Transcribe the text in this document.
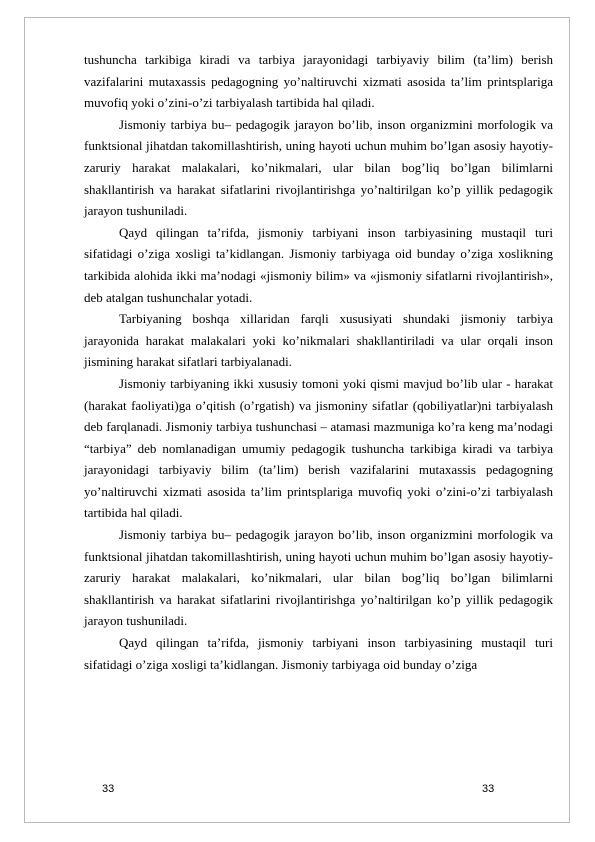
tushuncha tarkibiga kiradi va tarbiya jarayonidagi tarbiyaviy bilim (ta’lim) berish vazifalarini mutaxassis pedagogning yo’naltiruvchi xizmati asosida ta’lim printsplariga muvofiq yoki o’zini-o’zi tarbiyalash tartibida hal qiladi.

Jismoniy tarbiya bu– pedagogik jarayon bo’lib, inson organizmini morfologik va funktsional jihatdan takomillashtirish, uning hayoti uchun muhim bo’lgan asosiy hayotiy- zaruriy harakat malakalari, ko’nikmalari, ular bilan bog’liq bo’lgan bilimlarni shakllantirish va harakat sifatlarini rivojlantirishga yo’naltirilgan ko’p yillik pedagogik jarayon tushuniladi.

Qayd qilingan ta’rifda, jismoniy tarbiyani inson tarbiyasining mustaqil turi sifatidagi o’ziga xosligi ta’kidlangan. Jismoniy tarbiyaga oid bunday o’ziga xoslikning tarkibida alohida ikki ma’nodagi «jismoniy bilim» va «jismoniy sifatlarni rivojlantirish», deb atalgan tushunchalar yotadi.

Tarbiyaning boshqa xillaridan farqli xususiyati shundaki jismoniy tarbiya jarayonida harakat malakalari yoki ko’nikmalari shakllantiriladi va ular orqali inson jismining harakat sifatlari tarbiyalanadi.

Jismoniy tarbiyaning ikki xususiy tomoni yoki qismi mavjud bo’lib ular - harakat (harakat faoliyati)ga o’qitish (o’rgatish) va jismoniny sifatlar (qobiliyatlar)ni tarbiyalash deb farqlanadi. Jismoniy tarbiya tushunchasi – atamasi mazmuniga ko’ra keng ma’nodagi “tarbiya” deb nomlanadigan umumiy pedagogik tushuncha tarkibiga kiradi va tarbiya jarayonidagi tarbiyaviy bilim (ta’lim) berish vazifalarini mutaxassis pedagogning yo’naltiruvchi xizmati asosida ta’lim printsplariga muvofiq yoki o’zini-o’zi tarbiyalash tartibida hal qiladi.

Jismoniy tarbiya bu– pedagogik jarayon bo’lib, inson organizmini morfologik va funktsional jihatdan takomillashtirish, uning hayoti uchun muhim bo’lgan asosiy hayotiy- zaruriy harakat malakalari, ko’nikmalari, ular bilan bog’liq bo’lgan bilimlarni shakllantirish va harakat sifatlarini rivojlantirishga yo’naltirilgan ko’p yillik pedagogik jarayon tushuniladi.

Qayd qilingan ta’rifda, jismoniy tarbiyani inson tarbiyasining mustaqil turi sifatidagi o’ziga xosligi ta’kidlangan. Jismoniy tarbiyaga oid bunday o’ziga

33	33
